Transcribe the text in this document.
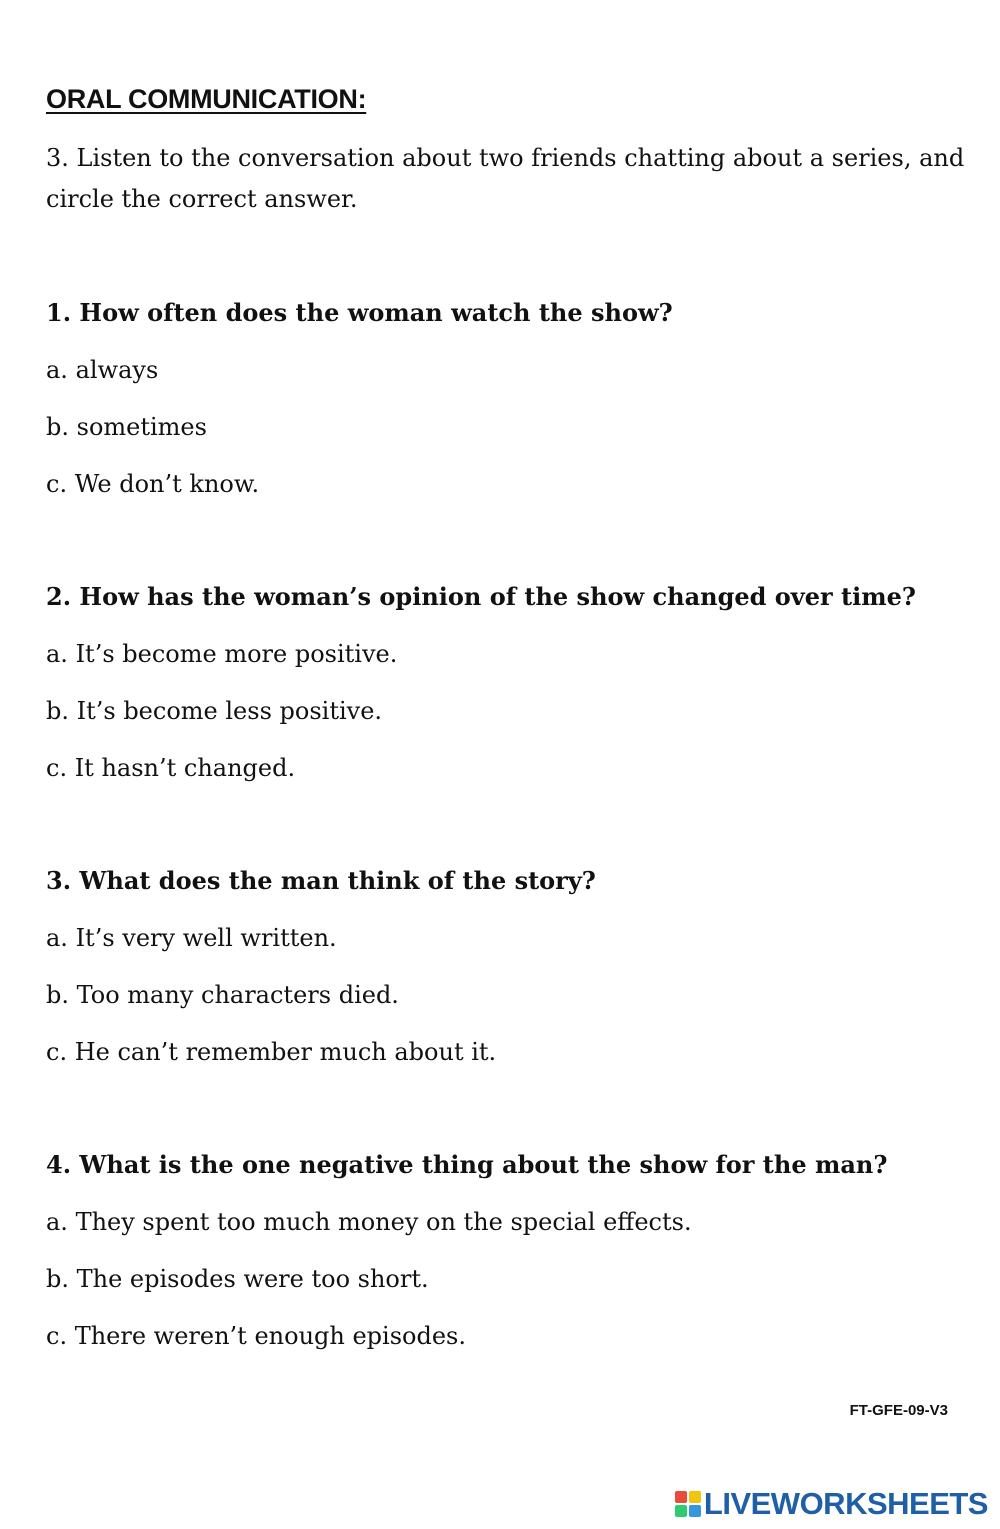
ORAL COMMUNICATION:
3. Listen to the conversation about two friends chatting about a series, and circle the correct answer.
1. How often does the woman watch the show?
a. always
b. sometimes
c. We don’t know.
2. How has the woman’s opinion of the show changed over time?
a. It’s become more positive.
b. It’s become less positive.
c. It hasn’t changed.
3. What does the man think of the story?
a. It’s very well written.
b. Too many characters died.
c. He can’t remember much about it.
4. What is the one negative thing about the show for the man?
a. They spent too much money on the special effects.
b. The episodes were too short.
c. There weren’t enough episodes.
FT-GFE-09-V3
LIVEWORKSHEETS
